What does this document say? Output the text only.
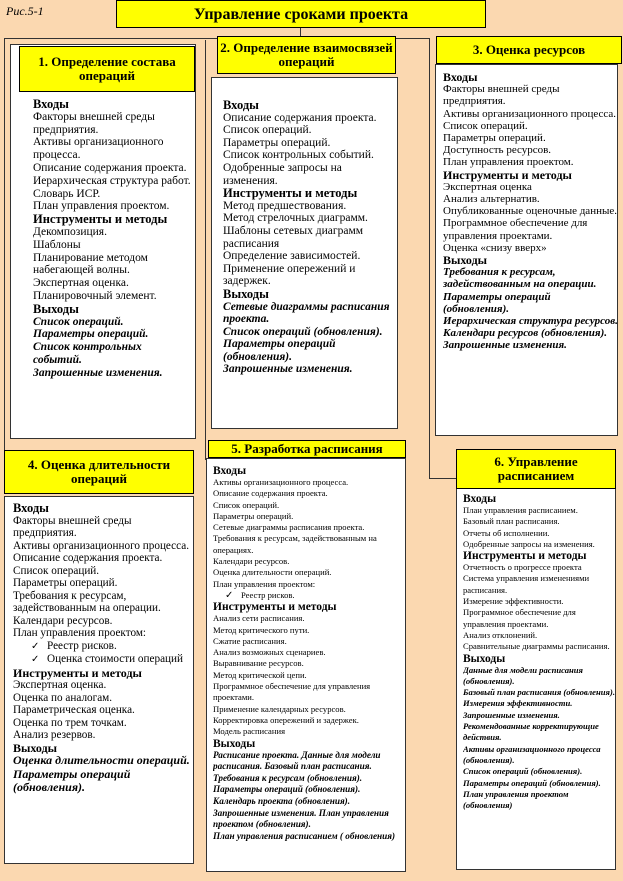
Рис.5-1	Управление сроками проекта
1. Определение состава операций
Входы
Факторы внешней среды предприятия.
Активы организационного процесса.
Описание содержания проекта.
Иерархическая структура работ.
Словарь ИСР.
План управления проектом.
Инструменты и методы
Декомпозиция.
Шаблоны
Планирование методом набегающей волны.
Экспертная оценка.
Планировочный элемент.
Выходы
Список операций.
Параметры операций.
Список контрольных событий.
Запрошенные изменения.
2. Определение взаимосвязей операций
Входы
Описание содержания проекта.
Список операций.
Параметры операций.
Список контрольных событий.
Одобренные запросы на изменения.
Инструменты и методы
Метод предшествования.
Метод стрелочных диаграмм.
Шаблоны сетевых диаграмм расписания
Определение зависимостей.
Применение опережений и задержек.
Выходы
Сетевые диаграммы расписания проекта.
Список операций (обновления).
Параметры операций (обновления).
Запрошенные изменения.
3. Оценка ресурсов
Входы
Факторы внешней среды предприятия.
Активы организационного процесса.
Список операций.
Параметры операций.
Доступность ресурсов.
План управления проектом.
Инструменты и методы
Экспертная оценка
Анализ альтернатив.
Опубликованные оценочные данные.
Программное обеспечение для управления проектами.
Оценка «снизу вверх»
Выходы
Требования к ресурсам, задействованным на операции.
Параметры операций (обновления).
Иерархическая структура ресурсов.
Календари ресурсов (обновления).
Запрошенные изменения.
4. Оценка длительности операций
Входы
Факторы внешней среды предприятия.
Активы организационного процесса.
Описание содержания проекта.
Список операций.
Параметры операций.
Требования к ресурсам, задействованным на операции.
Календари ресурсов.
План управления проектом:
✓ Реестр рисков.
✓ Оценка стоимости операций
Инструменты и методы
Экспертная оценка.
Оценка по аналогам.
Параметрическая оценка.
Оценка по трем точкам.
Анализ резервов.
Выходы
Оценка длительности операций.
Параметры операций (обновления).
5. Разработка расписания
Входы
Активы организационного процесса.
Описание содержания проекта.
Список операций.
Параметры операций.
Сетевые диаграммы расписания проекта.
Требования к ресурсам, задействованным на операциях.
Календари ресурсов.
Оценка длительности операций.
План управления проектом:
✓ Реестр рисков.
Инструменты и методы
Анализ сети расписания.
Метод критического пути.
Сжатие расписания.
Анализ возможных сценариев.
Выравнивание ресурсов.
Метод критической цепи.
Программное обеспечение для управления проектами.
Применение календарных ресурсов.
Корректировка опережений и задержек.
Модель расписания
Выходы
Расписание проекта. Данные для модели расписания. Базовый план расписания.
Требования к ресурсам (обновления).
Параметры операций (обновления).
Календарь проекта (обновления).
Запрошенные изменения. План управления проектом (обновления).
План управления расписанием ( обновления)
6. Управление расписанием
Входы
План управления расписанием.
Базовый план расписания.
Отчеты об исполнении.
Одобренные запросы на изменения.
Инструменты и методы
Отчетность о прогрессе проекта
Система управления изменениями расписания.
Измерение эффективности.
Программное обеспечение для управления проектами.
Анализ отклонений.
Сравнительные диаграммы расписания.
Выходы
Данные для модели расписания (обновления).
Базовый план расписания (обновления).
Измерения эффективности.
Запрошенные изменения.
Рекомендованные корректирующие действия.
Активы организационного процесса (обновления).
Список операций (обновления).
Параметры операций (обновления).
План управления проектом (обновления)
